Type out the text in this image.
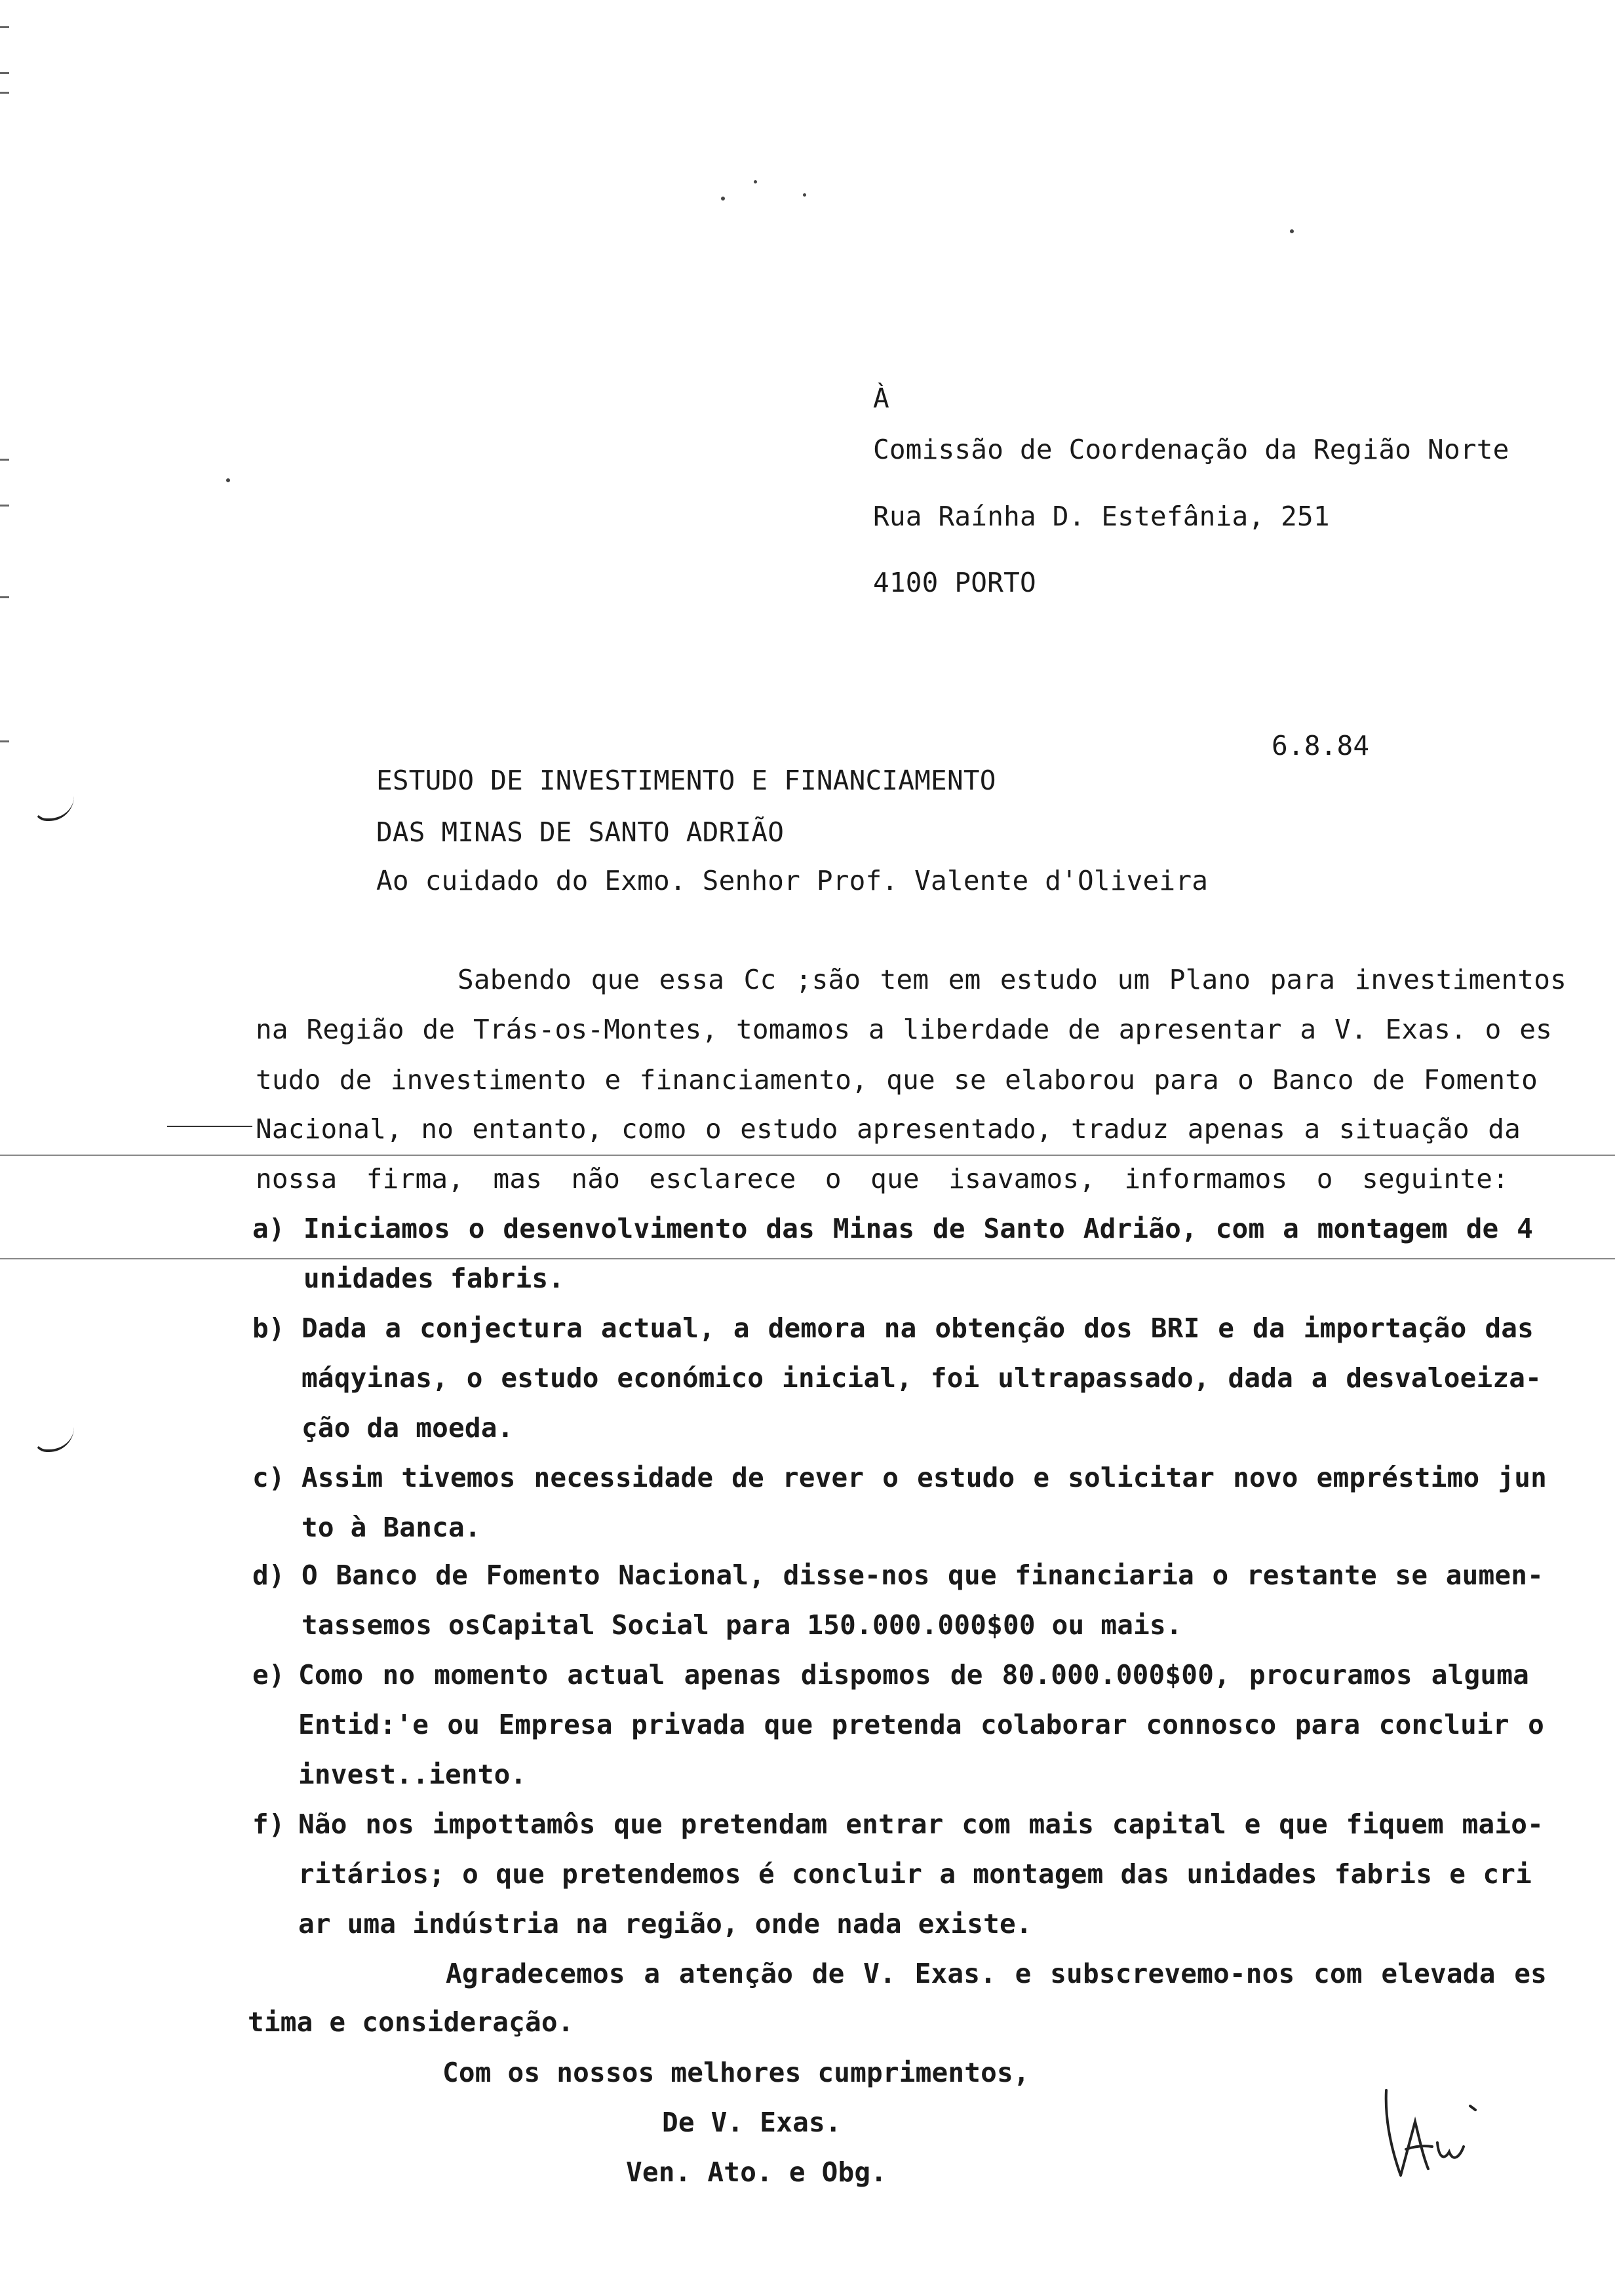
À
Comissão de Coordenação da Região Norte
Rua Raínha D. Estefânia, 251
4100 PORTO
6.8.84
ESTUDO DE INVESTIMENTO E FINANCIAMENTO
DAS MINAS DE SANTO ADRIÃO
Ao cuidado do Exmo. Senhor Prof. Valente d'Oliveira
Sabendo que essa Cc ;são tem em estudo um Plano para investimentos
na Região de Trás-os-Montes, tomamos a liberdade de apresentar a V. Exas. o es
tudo de investimento e financiamento, que se elaborou para o Banco de Fomento
Nacional, no entanto, como o estudo apresentado, traduz apenas a situação da
nossa firma, mas não esclarece o que isavamos, informamos o seguinte:
a) Iniciamos o desenvolvimento das Minas de Santo Adrião, com a montagem de 4
unidades fabris.
b) Dada a conjectura actual, a demora na obtenção dos BRI e da importação das
máqyinas, o estudo económico inicial, foi ultrapassado, dada a desvaloeiza-
ção da moeda.
c) Assim tivemos necessidade de rever o estudo e solicitar novo empréstimo jun
to à Banca.
d) O Banco de Fomento Nacional, disse-nos que financiaria o restante se aumen-
tassemos osCapital Social para 150.000.000$00 ou mais.
e) Como no momento actual apenas dispomos de 80.000.000$00, procuramos alguma
Entid:'e ou Empresa privada que pretenda colaborar connosco para concluir o
invest..iento.
f) Não nos impottamôs que pretendam entrar com mais capital e que fiquem maio-
ritários; o que pretendemos é concluir a montagem das unidades fabris e cri
ar uma indústria na região, onde nada existe.
Agradecemos a atenção de V. Exas. e subscrevemo-nos com elevada es
tima e consideração.
Com os nossos melhores cumprimentos,
De V. Exas.
Ven. Ato. e Obg.
